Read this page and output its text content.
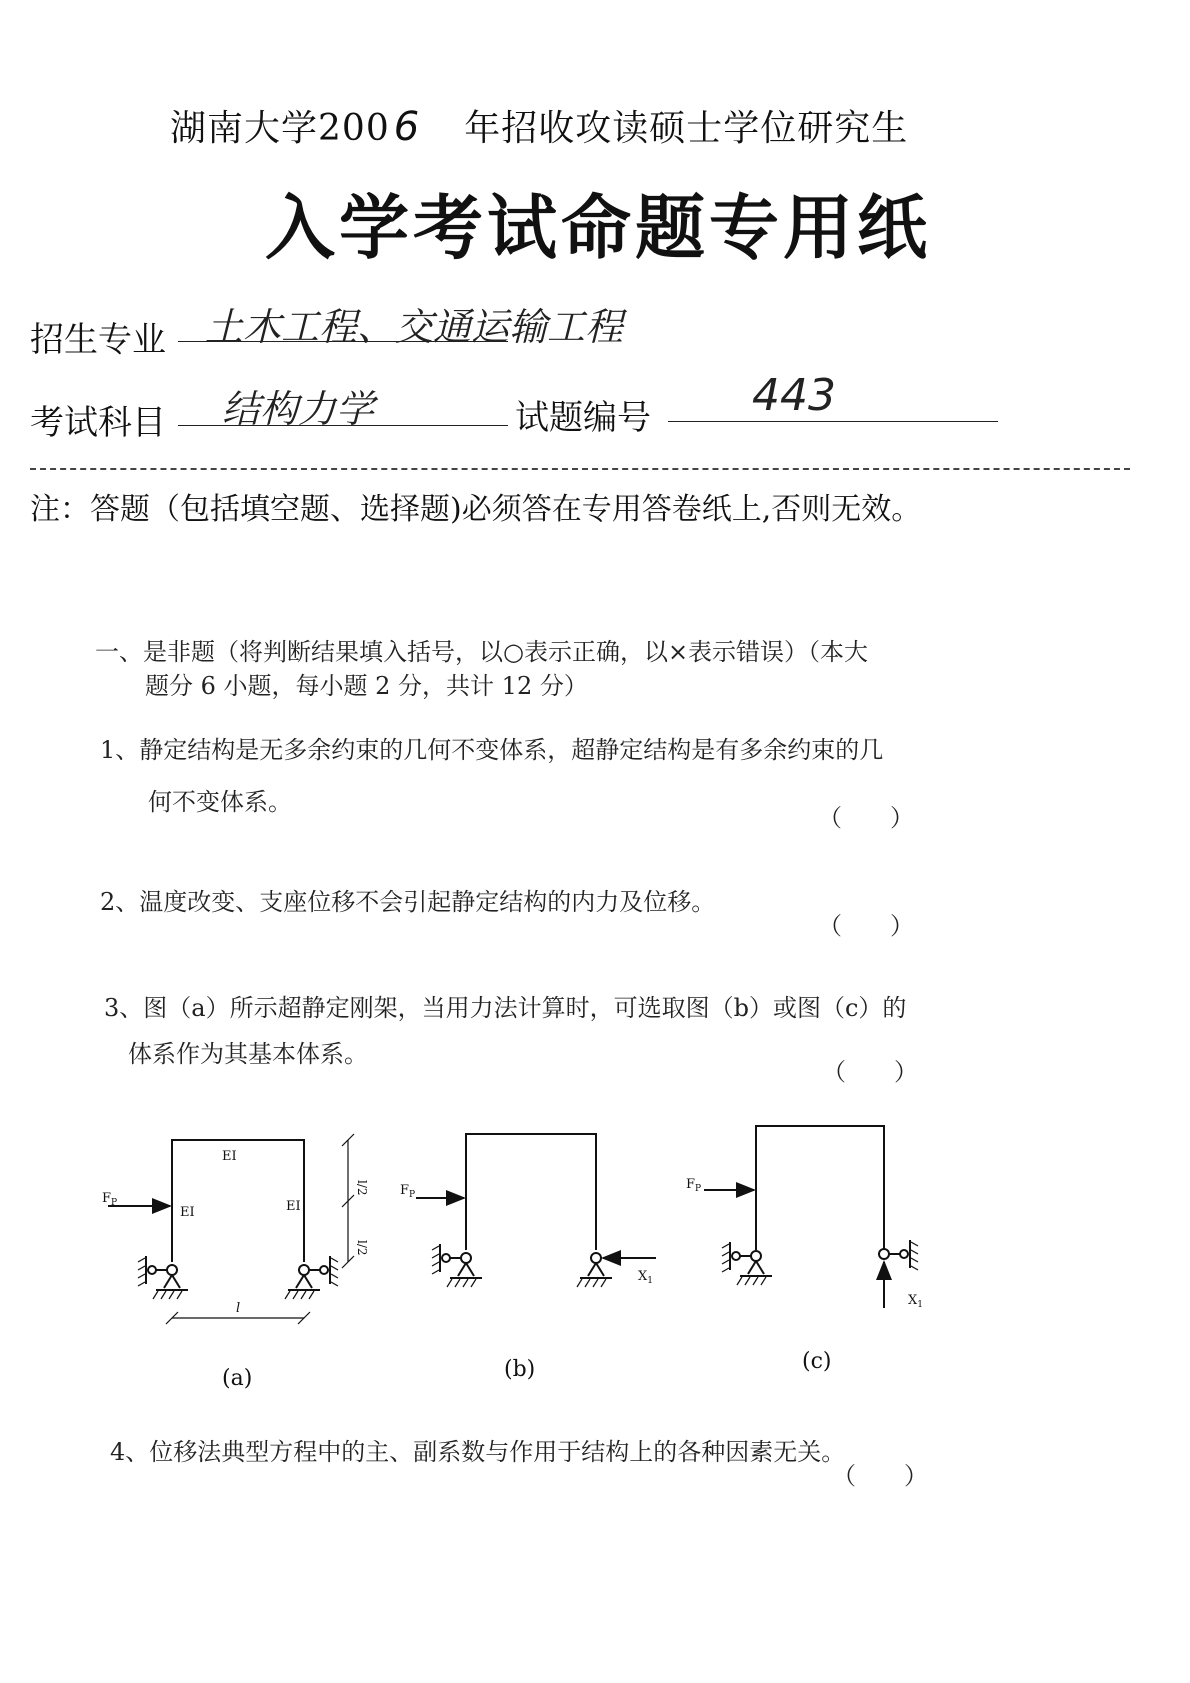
湖南大学200 6 年招收攻读硕士学位研究生
入学考试命题专用纸
招生专业 土木工程、交通运输工程
考试科目 结构力学	试题编号 443
注：答题（包括填空题、选择题)必须答在专用答卷纸上,否则无效。
一、是非题（将判断结果填入括号，以○表示正确，以×表示错误）（本大
题分 6 小题，每小题 2 分，共计 12 分）
1、静定结构是无多余约束的几何不变体系，超静定结构是有多余约束的几
何不变体系。
（　　）
2、温度改变、支座位移不会引起静定结构的内力及位移。
（　　）
3、图（a）所示超静定刚架，当用力法计算时，可选取图（b）或图（c）的
体系作为其基本体系。
（　　）
EI
EI	EI
$F_P$
l
l/2
l/2
(a)
$F_P$
$X_1$
(b)
$F_P$
$X_1$
(c)
4、位移法典型方程中的主、副系数与作用于结构上的各种因素无关。
（　　）
